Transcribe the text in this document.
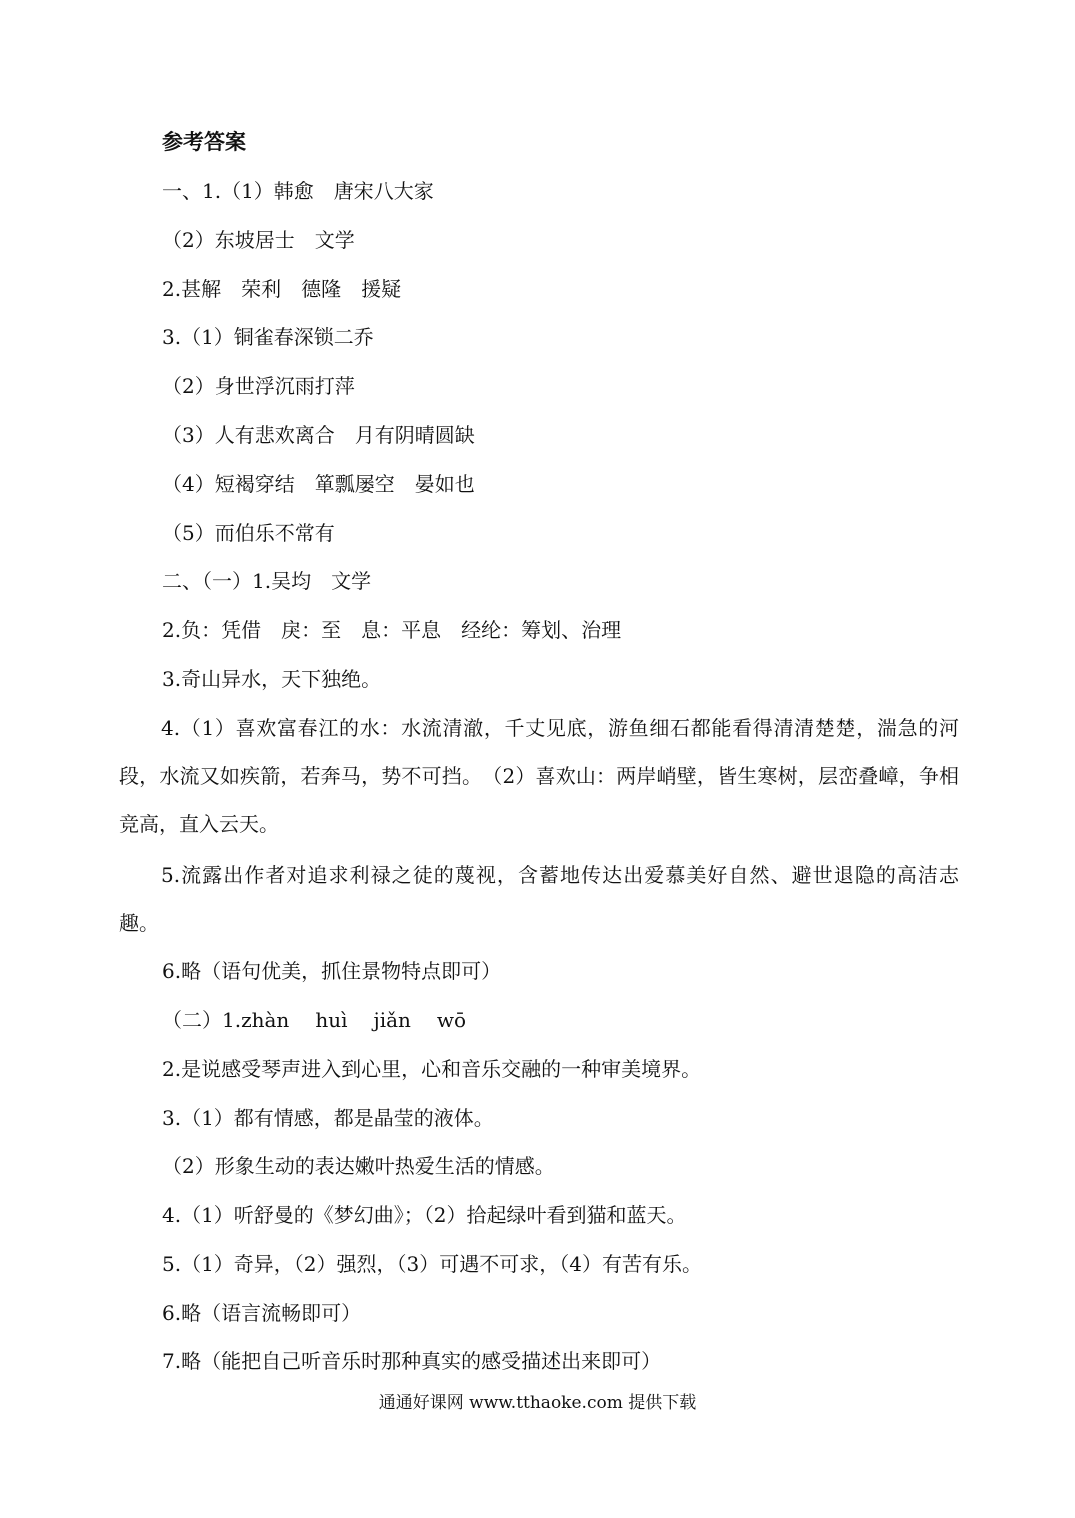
参考答案
一、1.（1）韩愈　唐宋八大家
（2）东坡居士　文学
2.甚解　荣利　德隆　援疑
3.（1）铜雀春深锁二乔
（2）身世浮沉雨打萍
（3）人有悲欢离合　月有阴晴圆缺
（4）短褐穿结　箪瓢屡空　晏如也
（5）而伯乐不常有
二、（一）1.吴均　文学
2.负：凭借　戾：至　息：平息　经纶：筹划、治理
3.奇山异水，天下独绝。
4.（1）喜欢富春江的水：水流清澈，千丈见底，游鱼细石都能看得清清楚楚，湍急的河段，水流又如疾箭，若奔马，势不可挡。　（2）喜欢山：两岸峭壁，皆生寒树，层峦叠嶂，争相竞高，直入云天。
5.流露出作者对追求利禄之徒的蔑视，含蓄地传达出爱慕美好自然、避世退隐的高洁志趣。
6.略（语句优美，抓住景物特点即可）
（二）1.zhàn huì jiǎn wō
2.是说感受琴声进入到心里，心和音乐交融的一种审美境界。
3.（1）都有情感，都是晶莹的液体。
（2）形象生动的表达嫩叶热爱生活的情感。
4.（1）听舒曼的《梦幻曲》；（2）拾起绿叶看到猫和蓝天。
5.（1）奇异，（2）强烈，（3）可遇不可求，（4）有苦有乐。
6.略（语言流畅即可）
7.略（能把自己听音乐时那种真实的感受描述出来即可）
通通好课网 www.tthaoke.com 提供下载
